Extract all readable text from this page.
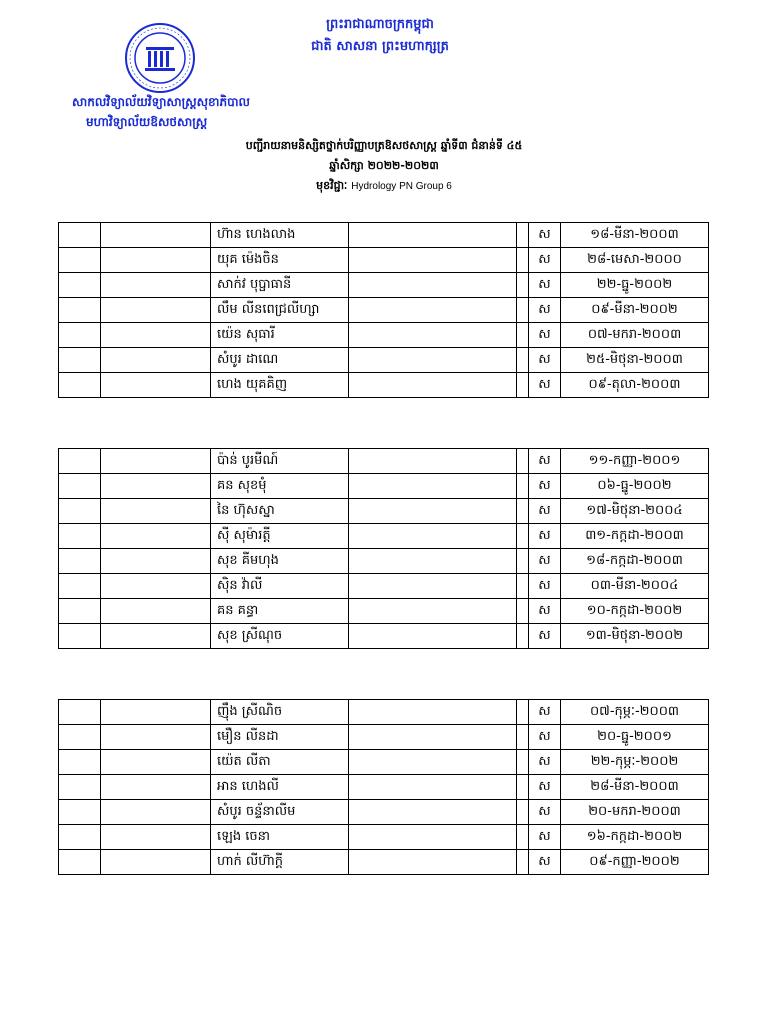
ព្រះរាជាណាចក្រកម្ពុជា
ជាតិ សាសនា ព្រះមហាក្សត្រ
សាកលវិទ្យាល័យវិទ្យាសាស្ត្រសុខាភិបាល
មហាវិទ្យាល័យឱសថសាស្ត្រ
បញ្ជីរាយនាមនិស្សិតថ្នាក់បរិញ្ញាបត្រឱសថសាស្ត្រ ឆ្នាំទី៣ ជំនាន់ទី ៤៥
ឆ្នាំសិក្សា ២០២២-២០២៣
មុខវិជ្ជាៈ Hydrology PN Group 6
		ហ៊ាន ហេងលាង			ស	១៨-មីនា-២០០៣
		យុគ ម៉េងចិន			ស	២៨-មេសា-២០០០
		សាក់វ បុប្ផាធានី			ស	២២-ធ្នូ-២០០២
		លឹម លីនពេជ្រលីហ្សា			ស	០៩-មីនា-២០០២
		យ៉េន សុធារី			ស	០៧-មករា-២០០៣
		សំបូរ ដាណេ			ស	២៥-មិថុនា-២០០៣
		ហេង យុគគិញ			ស	០៩-តុលា-២០០៣
		ប៉ាន់ បូរមីណ៍			ស	១១-កញ្ញា-២០០១
		គន សុខមុំ			ស	០៦-ធ្នូ-២០០២
		នៃ ហ៊ុសស្នា			ស	១៧-មិថុនា-២០០៤
		ស៊ី សុម៉ារត្តី			ស	៣១-កក្កដា-២០០៣
		សុខ គីមហុង			ស	១៨-កក្កដា-២០០៣
		ស៊ិន វ៉ាលី			ស	០៣-មីនា-២០០៤
		គន គន្ធា			ស	១០-កក្កដា-២០០២
		សុខ ស្រីណុច			ស	១៣-មិថុនា-២០០២
		ញ៉ឹង ស្រីណិច			ស	០៧-កុម្ភៈ-២០០៣
		មឿន លីនដា			ស	២០-ធ្នូ-២០០១
		យ៉េត លីតា			ស	២២-កុម្ភៈ-២០០២
		អាន ហេងលី			ស	២៨-មីនា-២០០៣
		សំបូរ ចន្ទ័នាលីម			ស	២០-មករា-២០០៣
		ឡេង ចេនា			ស	១៦-កក្កដា-២០០២
		ហាក់ លីហ៊ាក្គី			ស	០៩-កញ្ញា-២០០២
